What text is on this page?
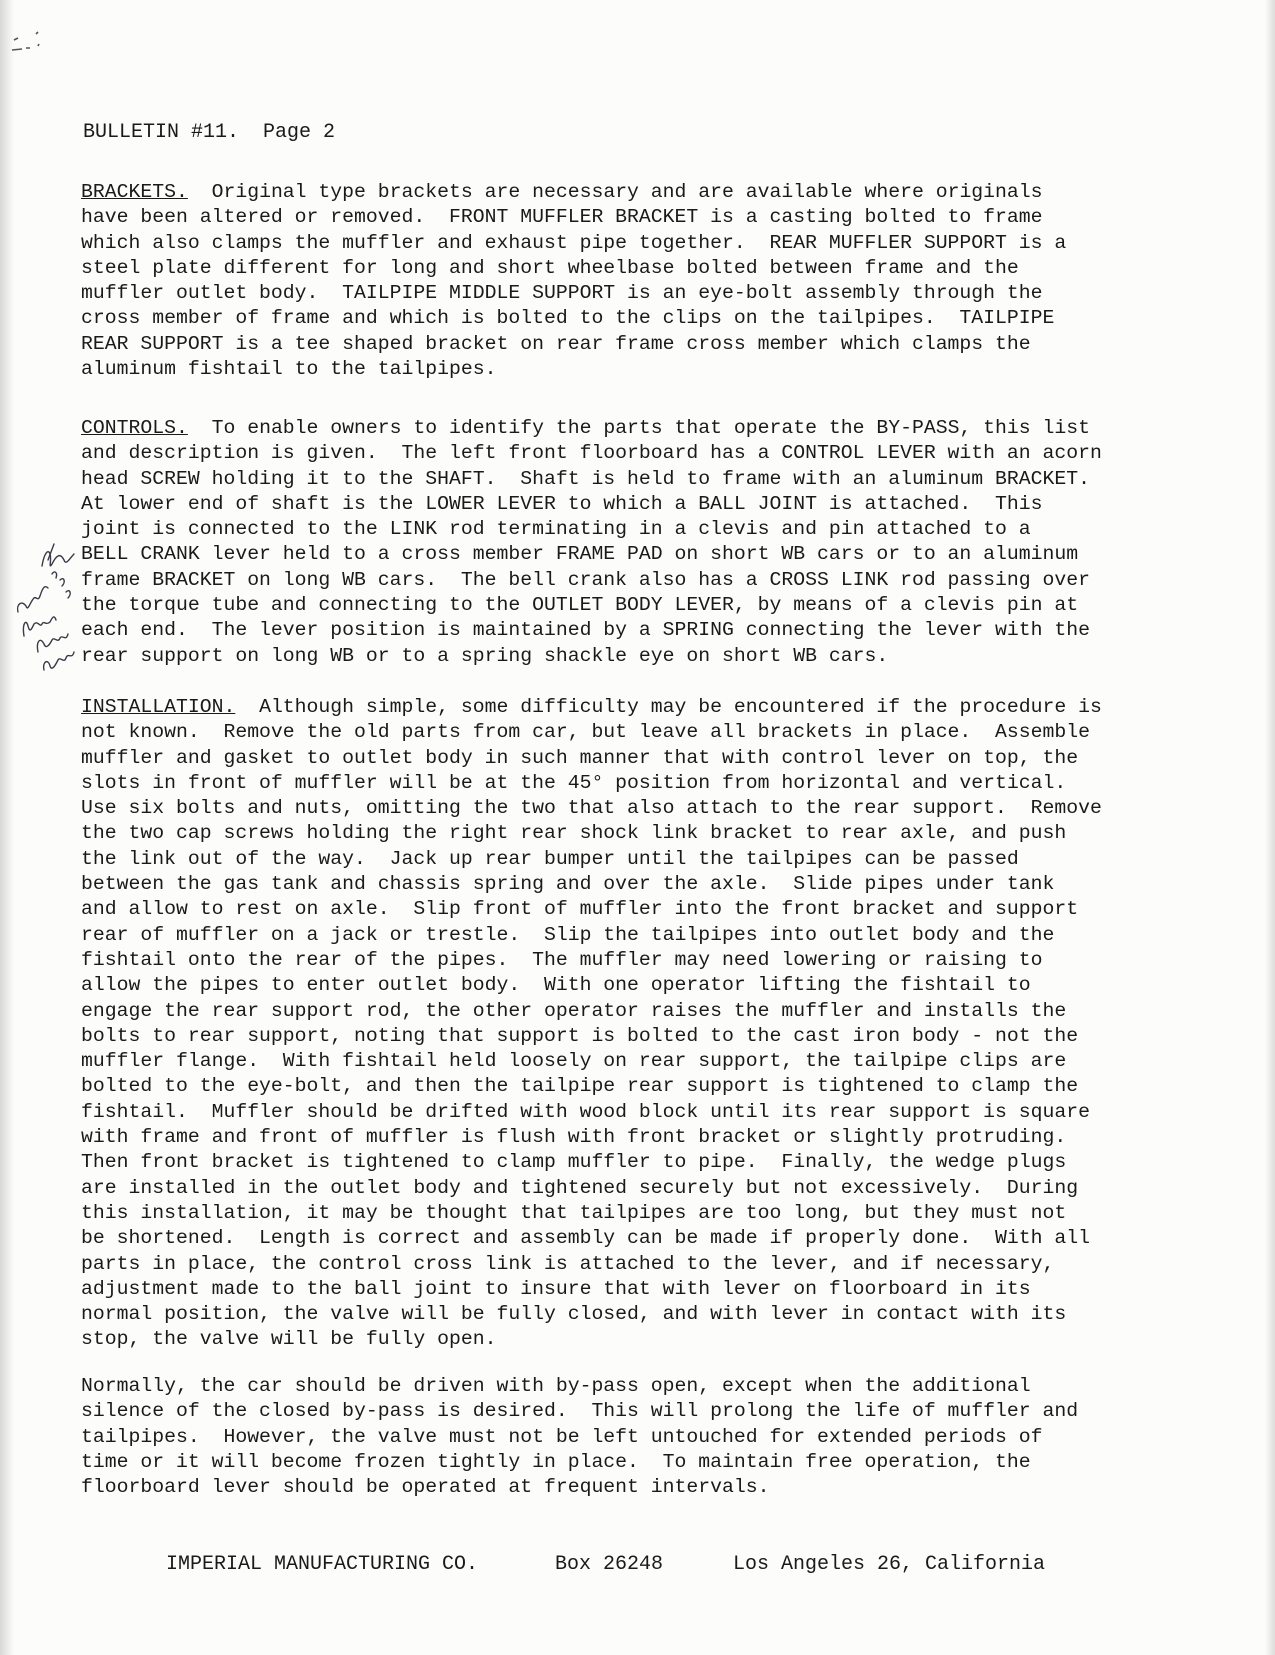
BULLETIN #11. Page 2
BRACKETS.  Original type brackets are necessary and are available where originals
have been altered or removed.  FRONT MUFFLER BRACKET is a casting bolted to frame
which also clamps the muffler and exhaust pipe together.  REAR MUFFLER SUPPORT is a
steel plate different for long and short wheelbase bolted between frame and the
muffler outlet body.  TAILPIPE MIDDLE SUPPORT is an eye-bolt assembly through the
cross member of frame and which is bolted to the clips on the tailpipes.  TAILPIPE
REAR SUPPORT is a tee shaped bracket on rear frame cross member which clamps the
aluminum fishtail to the tailpipes.
CONTROLS.  To enable owners to identify the parts that operate the BY-PASS, this list
and description is given.  The left front floorboard has a CONTROL LEVER with an acorn
head SCREW holding it to the SHAFT.  Shaft is held to frame with an aluminum BRACKET.
At lower end of shaft is the LOWER LEVER to which a BALL JOINT is attached.  This
joint is connected to the LINK rod terminating in a clevis and pin attached to a
BELL CRANK lever held to a cross member FRAME PAD on short WB cars or to an aluminum
frame BRACKET on long WB cars.  The bell crank also has a CROSS LINK rod passing over
the torque tube and connecting to the OUTLET BODY LEVER, by means of a clevis pin at
each end.  The lever position is maintained by a SPRING connecting the lever with the
rear support on long WB or to a spring shackle eye on short WB cars.
INSTALLATION.  Although simple, some difficulty may be encountered if the procedure is
not known.  Remove the old parts from car, but leave all brackets in place.  Assemble
muffler and gasket to outlet body in such manner that with control lever on top, the
slots in front of muffler will be at the 45° position from horizontal and vertical.
Use six bolts and nuts, omitting the two that also attach to the rear support.  Remove
the two cap screws holding the right rear shock link bracket to rear axle, and push
the link out of the way.  Jack up rear bumper until the tailpipes can be passed
between the gas tank and chassis spring and over the axle.  Slide pipes under tank
and allow to rest on axle.  Slip front of muffler into the front bracket and support
rear of muffler on a jack or trestle.  Slip the tailpipes into outlet body and the
fishtail onto the rear of the pipes.  The muffler may need lowering or raising to
allow the pipes to enter outlet body.  With one operator lifting the fishtail to
engage the rear support rod, the other operator raises the muffler and installs the
bolts to rear support, noting that support is bolted to the cast iron body - not the
muffler flange.  With fishtail held loosely on rear support, the tailpipe clips are
bolted to the eye-bolt, and then the tailpipe rear support is tightened to clamp the
fishtail.  Muffler should be drifted with wood block until its rear support is square
with frame and front of muffler is flush with front bracket or slightly protruding.
Then front bracket is tightened to clamp muffler to pipe.  Finally, the wedge plugs
are installed in the outlet body and tightened securely but not excessively.  During
this installation, it may be thought that tailpipes are too long, but they must not
be shortened.  Length is correct and assembly can be made if properly done.  With all
parts in place, the control cross link is attached to the lever, and if necessary,
adjustment made to the ball joint to insure that with lever on floorboard in its
normal position, the valve will be fully closed, and with lever in contact with its
stop, the valve will be fully open.
Normally, the car should be driven with by-pass open, except when the additional
silence of the closed by-pass is desired.  This will prolong the life of muffler and
tailpipes.  However, the valve must not be left untouched for extended periods of
time or it will become frozen tightly in place.  To maintain free operation, the
floorboard lever should be operated at frequent intervals.
IMPERIAL MANUFACTURING CO.	Box 26248	Los Angeles 26, California
